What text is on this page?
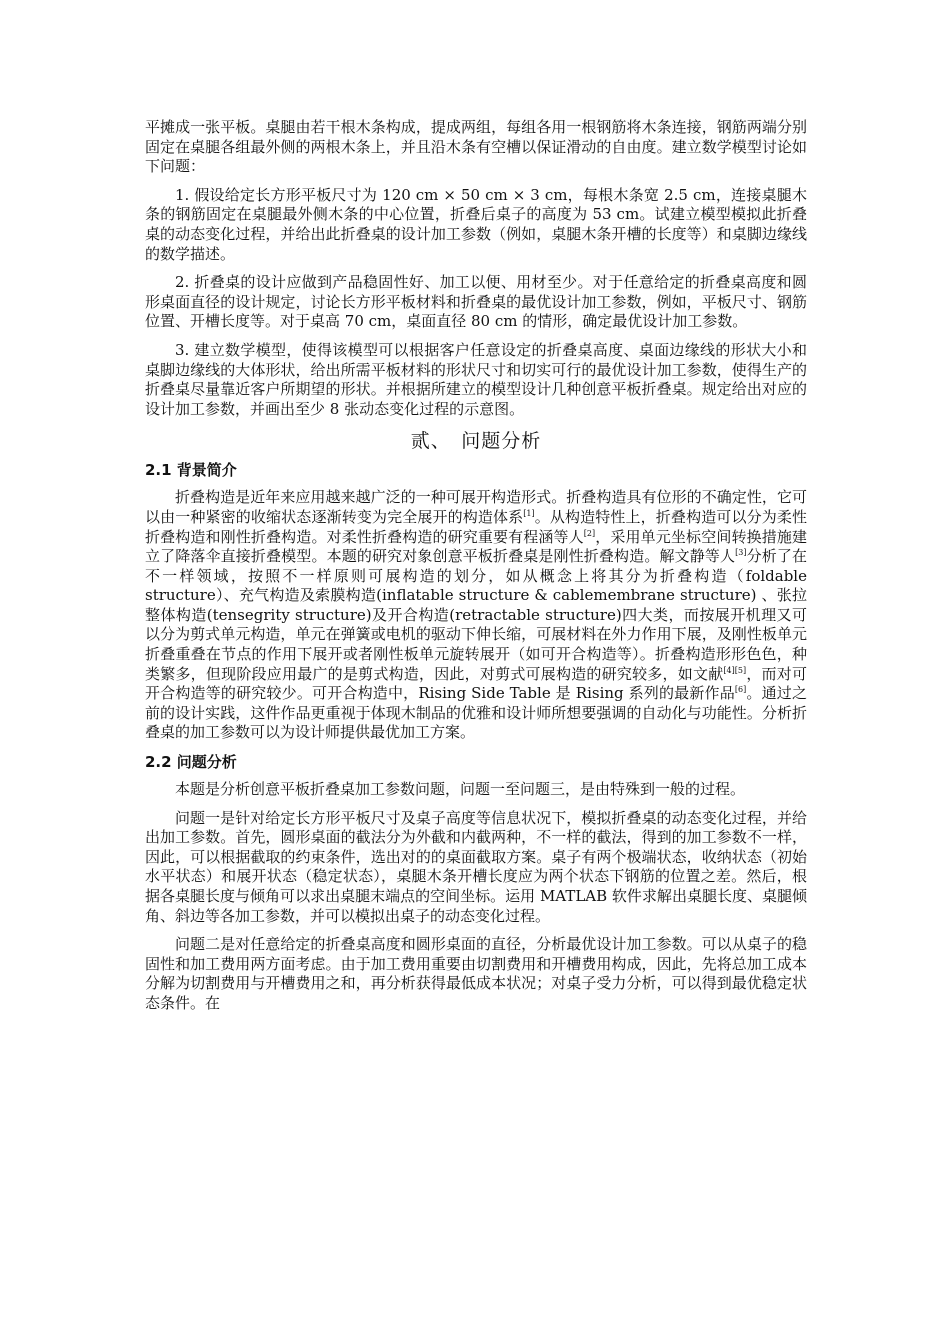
平摊成一张平板。桌腿由若干根木条构成，提成两组，每组各用一根钢筋将木条连接，钢筋两端分别固定在桌腿各组最外侧的两根木条上，并且沿木条有空槽以保证滑动的自由度。建立数学模型讨论如下问题：

1. 假设给定长方形平板尺寸为 120 cm × 50 cm × 3 cm，每根木条宽 2.5 cm，连接桌腿木条的钢筋固定在桌腿最外侧木条的中心位置，折叠后桌子的高度为 53 cm。试建立模型模拟此折叠桌的动态变化过程，并给出此折叠桌的设计加工参数（例如，桌腿木条开槽的长度等）和桌脚边缘线的数学描述。

2. 折叠桌的设计应做到产品稳固性好、加工以便、用材至少。对于任意给定的折叠桌高度和圆形桌面直径的设计规定，讨论长方形平板材料和折叠桌的最优设计加工参数，例如，平板尺寸、钢筋位置、开槽长度等。对于桌高 70 cm，桌面直径 80 cm 的情形，确定最优设计加工参数。

3. 建立数学模型，使得该模型可以根据客户任意设定的折叠桌高度、桌面边缘线的形状大小和桌脚边缘线的大体形状，给出所需平板材料的形状尺寸和切实可行的最优设计加工参数，使得生产的折叠桌尽量靠近客户所期望的形状。并根据所建立的模型设计几种创意平板折叠桌。规定给出对应的设计加工参数，并画出至少 8 张动态变化过程的示意图。

贰、　问题分析
2.1 背景简介

折叠构造是近年来应用越来越广泛的一种可展开构造形式。折叠构造具有位形的不确定性，它可以由一种紧密的收缩状态逐渐转变为完全展开的构造体系[1]。从构造特性上，折叠构造可以分为柔性折叠构造和刚性折叠构造。对柔性折叠构造的研究重要有程涵等人[2]，采用单元坐标空间转换措施建立了降落伞直接折叠模型。本题的研究对象创意平板折叠桌是刚性折叠构造。解文静等人[3]分析了在不一样领域，按照不一样原则可展构造的划分，如从概念上将其分为折叠构造（foldable structure）、充气构造及索膜构造(inflatable structure & cablemembrane structure) 、张拉整体构造(tensegrity structure)及开合构造(retractable structure)四大类，而按展开机理又可以分为剪式单元构造，单元在弹簧或电机的驱动下伸长缩，可展材料在外力作用下展，及刚性板单元折叠重叠在节点的作用下展开或者刚性板单元旋转展开（如可开合构造等）。折叠构造形形色色，种类繁多，但现阶段应用最广的是剪式构造，因此，对剪式可展构造的研究较多，如文献[4][5]，而对可开合构造等的研究较少。可开合构造中，Rising Side Table 是 Rising 系列的最新作品[6]。通过之前的设计实践，这件作品更重视于体现木制品的优雅和设计师所想要强调的自动化与功能性。分析折叠桌的加工参数可以为设计师提供最优加工方案。

2.2 问题分析

本题是分析创意平板折叠桌加工参数问题，问题一至问题三，是由特殊到一般的过程。

问题一是针对给定长方形平板尺寸及桌子高度等信息状况下，模拟折叠桌的动态变化过程，并给出加工参数。首先，圆形桌面的截法分为外截和内截两种，不一样的截法，得到的加工参数不一样，因此，可以根据截取的约束条件，选出对的的桌面截取方案。桌子有两个极端状态，收纳状态（初始水平状态）和展开状态（稳定状态），桌腿木条开槽长度应为两个状态下钢筋的位置之差。然后，根据各桌腿长度与倾角可以求出桌腿末端点的空间坐标。运用 MATLAB 软件求解出桌腿长度、桌腿倾角、斜边等各加工参数，并可以模拟出桌子的动态变化过程。

问题二是对任意给定的折叠桌高度和圆形桌面的直径，分析最优设计加工参数。可以从桌子的稳固性和加工费用两方面考虑。由于加工费用重要由切割费用和开槽费用构成，因此，先将总加工成本分解为切割费用与开槽费用之和，再分析获得最低成本状况；对桌子受力分析，可以得到最优稳定状态条件。在
